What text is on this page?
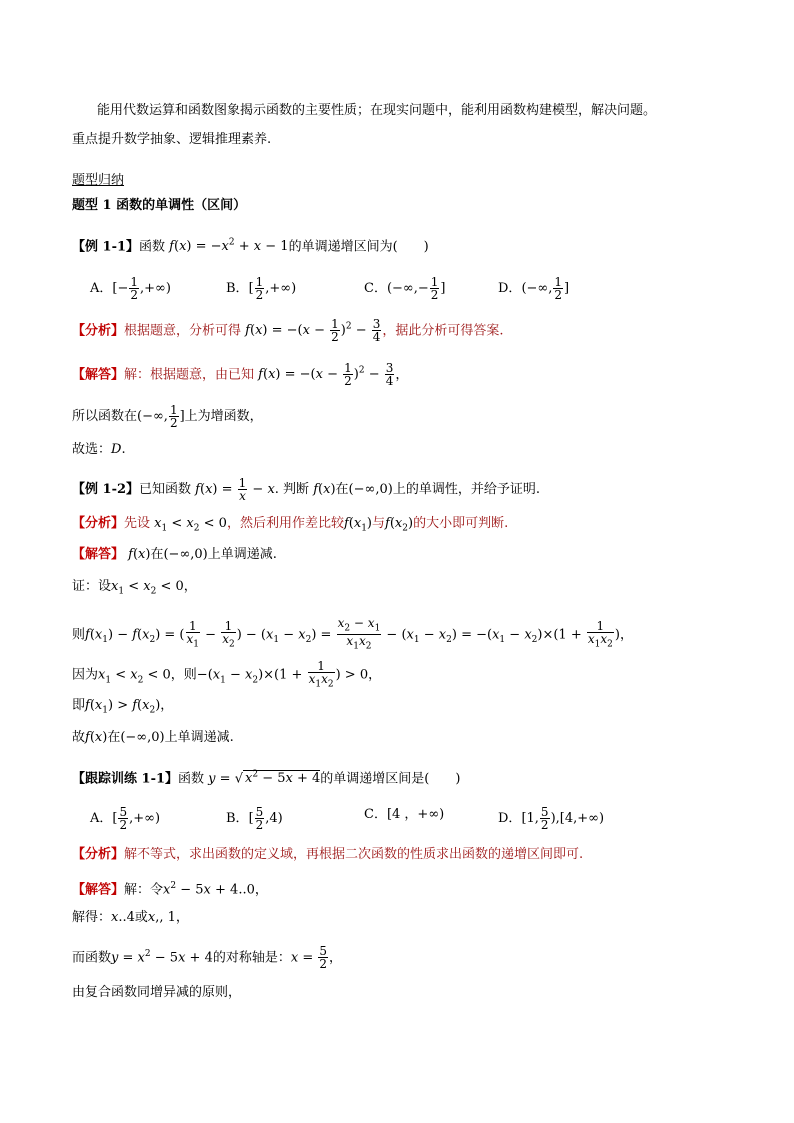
能用代数运算和函数图象揭示函数的主要性质；在现实问题中，能利用函数构建模型，解决问题。
重点提升数学抽象、逻辑推理素养.
题型归纳
题型 1 函数的单调性（区间）
【例 1-1】函数 $f(x) = -x^2 + x - 1$的单调递增区间为(　　)
A．[− $\frac{1}{2}$ ,+∞)	B．[ $\frac{1}{2}$ ,+∞)	C．(−∞,− $\frac{1}{2}$ ]	D．(−∞, $\frac{1}{2}$ ]
【分析】根据题意，分析可得 $f(x) = -(x - \frac{1}{2} )^2 - \frac{3}{4}$ ，据此分析可得答案.
【解答】解：根据题意，由已知 $f(x) = -(x - \frac{1}{2} )^2 - \frac{3}{4}$ ，
所以函数在(−∞, $\frac{1}{2}$ ]上为增函数，
故选：D.
【例 1-2】已知函数 $f(x) = \frac{1}{x} - x$. 判断 f(x)在(−∞,0)上的单调性，并给予证明.
【分析】先设 $x_1 < x_2 < 0$，然后利用作差比较$f(x_1)$与$f(x_2)$的大小即可判断.
【解答】 f(x)在(−∞,0)上单调递减.
证：设$x_1 < x_2 < 0$，
则$f(x_1) - f(x_2)$ = ( $\frac{1}{x_1} - \frac{1}{x_2}$ ) − $(x_1 - x_2) = \frac{x_2 - x_1}{x_1x_2} - (x_1 - x_2) = -(x_1 - x_2)\times(1 + \frac{1}{x_1x_2}$ )，
因为$x_1 < x_2 < 0$，则$-(x_1 - x_2)\times(1 + \frac{1}{x_1x_2}$ ) > 0，
即$f(x_1) > f(x_2)$，
故f(x)在(−∞,0)上单调递减.
【跟踪训练 1-1】函数 y = √ $x^2 - 5x + 4$的单调递增区间是(　　)
A．[ $\frac{5}{2}$ ,+∞)	B．[ $\frac{5}{2} ,4$)	C．[4 ，+∞)	D．[1, $\frac{5}{2} ),[4,+\infty)$
【分析】解不等式，求出函数的定义域，再根据二次函数的性质求出函数的递增区间即可.
【解答】解：令$x^2 - 5x + 4..0$，
解得：x..4或x,, 1，
而函数$y = x^2 - 5x + 4$的对称轴是：$x = \frac{5}{2}$ ，
由复合函数同增异减的原则，
